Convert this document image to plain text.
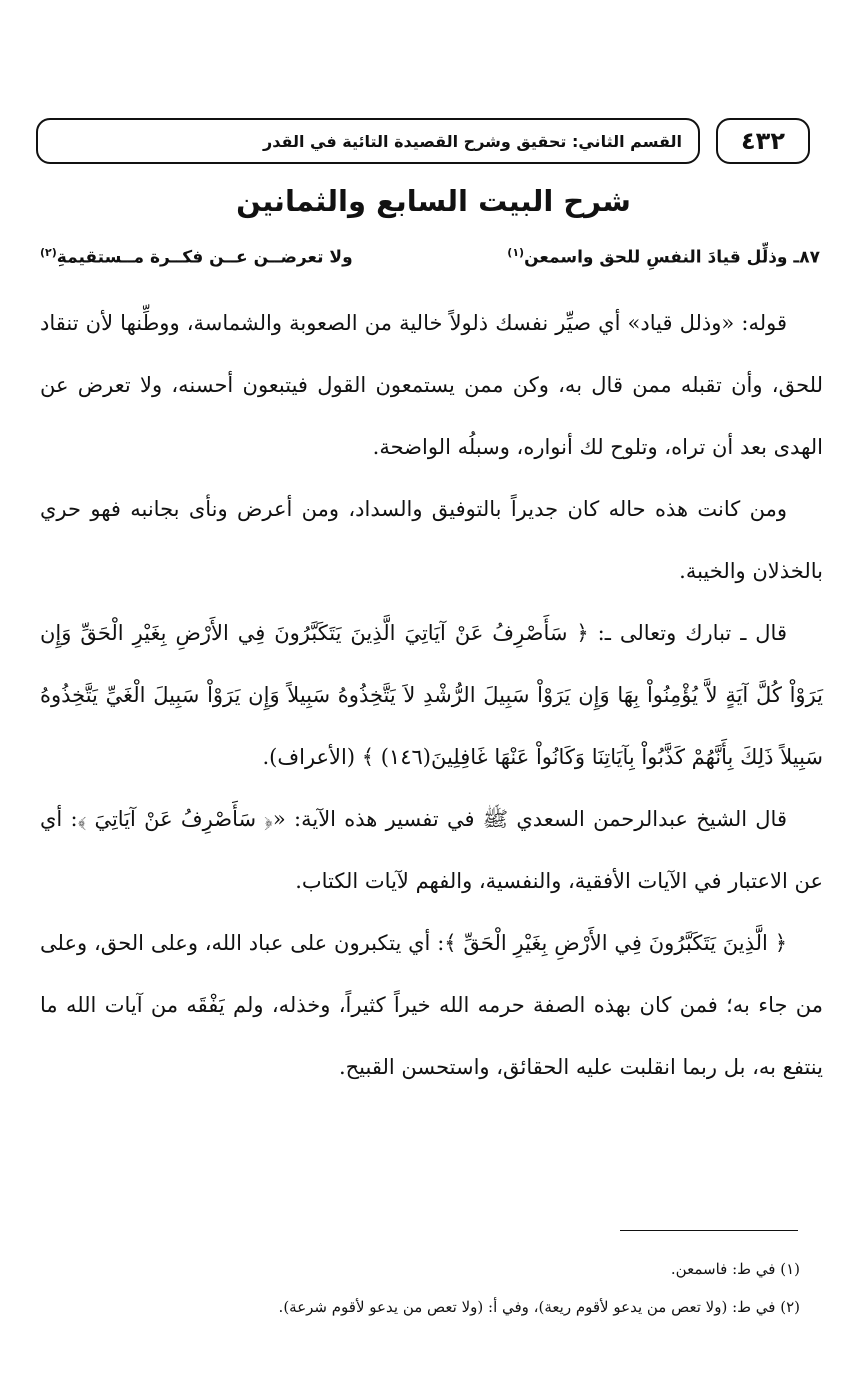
٤٣٢
القسم الثاني: تحقيق وشرح القصيدة التائية في القدر
شرح البيت السابع والثمانين
٨٧ـ وذلِّل قيادَ النفسِ للحق واسمعن$^{(١)}$
ولا تعرضــن عــن فكــرة مــستقيمةِ$^{(٢)}$

قوله: «وذلل قياد» أي صيِّر نفسك ذلولاً خالية من الصعوبة والشماسة، ووطِّنها لأن تنقاد للحق، وأن تقبله ممن قال به، وكن ممن يستمعون القول فيتبعون أحسنه، ولا تعرض عن الهدى بعد أن تراه، وتلوح لك أنواره، وسبلُه الواضحة.

ومن كانت هذه حاله كان جديراً بالتوفيق والسداد، ومن أعرض ونأى بجانبه فهو حري بالخذلان والخيبة.

قال ـ تبارك وتعالى ـ: ﴿ سَأَصْرِفُ عَنْ آيَاتِيَ الَّذِينَ يَتَكَبَّرُونَ فِي الأَرْضِ بِغَيْرِ الْحَقِّ وَإِن يَرَوْاْ كُلَّ آيَةٍ لاَّ يُؤْمِنُواْ بِهَا وَإِن يَرَوْاْ سَبِيلَ الرُّشْدِ لاَ يَتَّخِذُوهُ سَبِيلاً وَإِن يَرَوْاْ سَبِيلَ الْغَيِّ يَتَّخِذُوهُ سَبِيلاً ذَلِكَ بِأَنَّهُمْ كَذَّبُواْ بِآيَاتِنَا وَكَانُواْ عَنْهَا غَافِلِينَ(١٤٦) ﴾ (الأعراف).

قال الشيخ عبدالرحمن السعدي ﷺ في تفسير هذه الآية: «﴿ سَأَصْرِفُ عَنْ آيَاتِيَ ﴾: أي عن الاعتبار في الآيات الأفقية، والنفسية، والفهم لآيات الكتاب.

﴿ الَّذِينَ يَتَكَبَّرُونَ فِي الأَرْضِ بِغَيْرِ الْحَقِّ ﴾: أي يتكبرون على عباد الله، وعلى الحق، وعلى من جاء به؛ فمن كان بهذه الصفة حرمه الله خيراً كثيراً، وخذله، ولم يَفْقَه من آيات الله ما ينتفع به، بل ربما انقلبت عليه الحقائق، واستحسن القبيح.

(١) في ط: فاسمعن.

(٢) في ط: (ولا تعص من يدعو لأقوم ريعة)، وفي أ: (ولا تعص من يدعو لأقوم شرعة).
